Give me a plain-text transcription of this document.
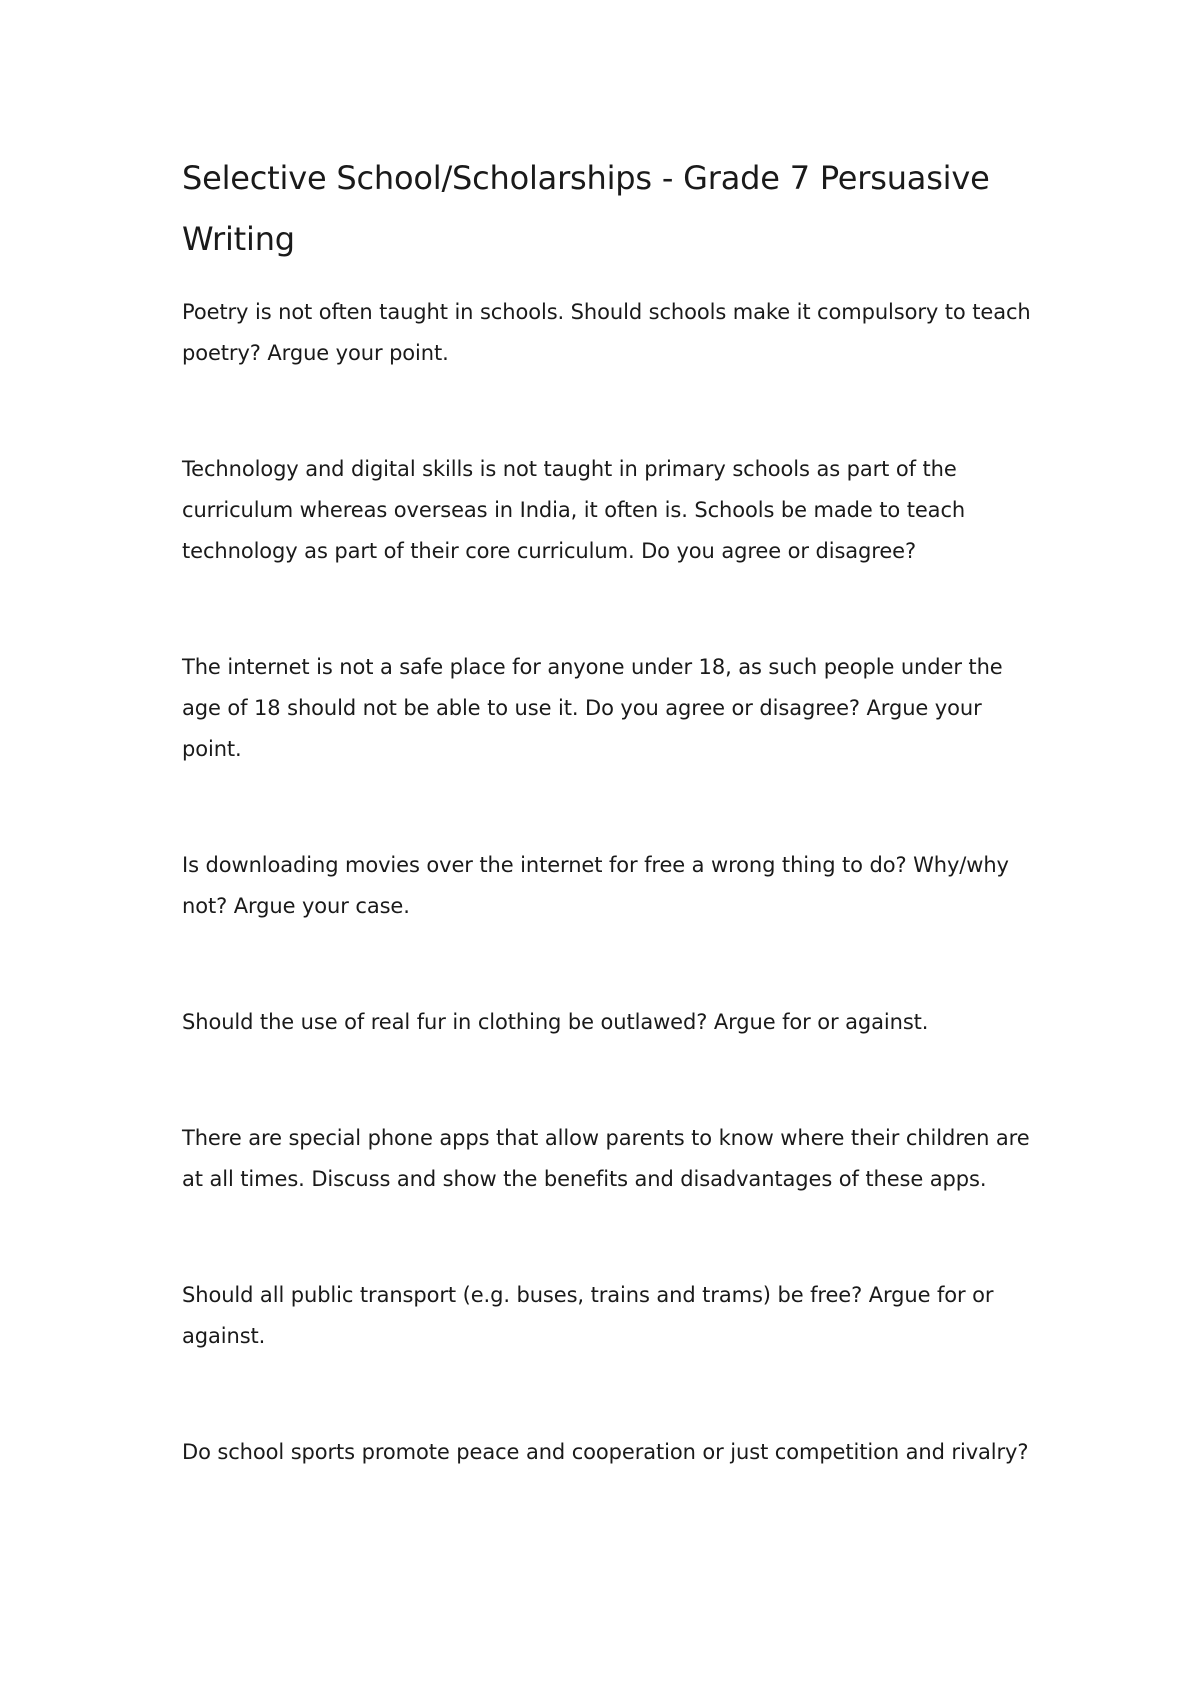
Selective School/Scholarships - Grade 7 Persuasive Writing

Poetry is not often taught in schools. Should schools make it compulsory to teach poetry? Argue your point.

Technology and digital skills is not taught in primary schools as part of the curriculum whereas overseas in India, it often is. Schools be made to teach technology as part of their core curriculum. Do you agree or disagree?

The internet is not a safe place for anyone under 18, as such people under the age of 18 should not be able to use it. Do you agree or disagree? Argue your point.

Is downloading movies over the internet for free a wrong thing to do? Why/why not? Argue your case.

Should the use of real fur in clothing be outlawed? Argue for or against.

There are special phone apps that allow parents to know where their children are at all times. Discuss and show the benefits and disadvantages of these apps.

Should all public transport (e.g. buses, trains and trams) be free? Argue for or against.

Do school sports promote peace and cooperation or just competition and rivalry?
